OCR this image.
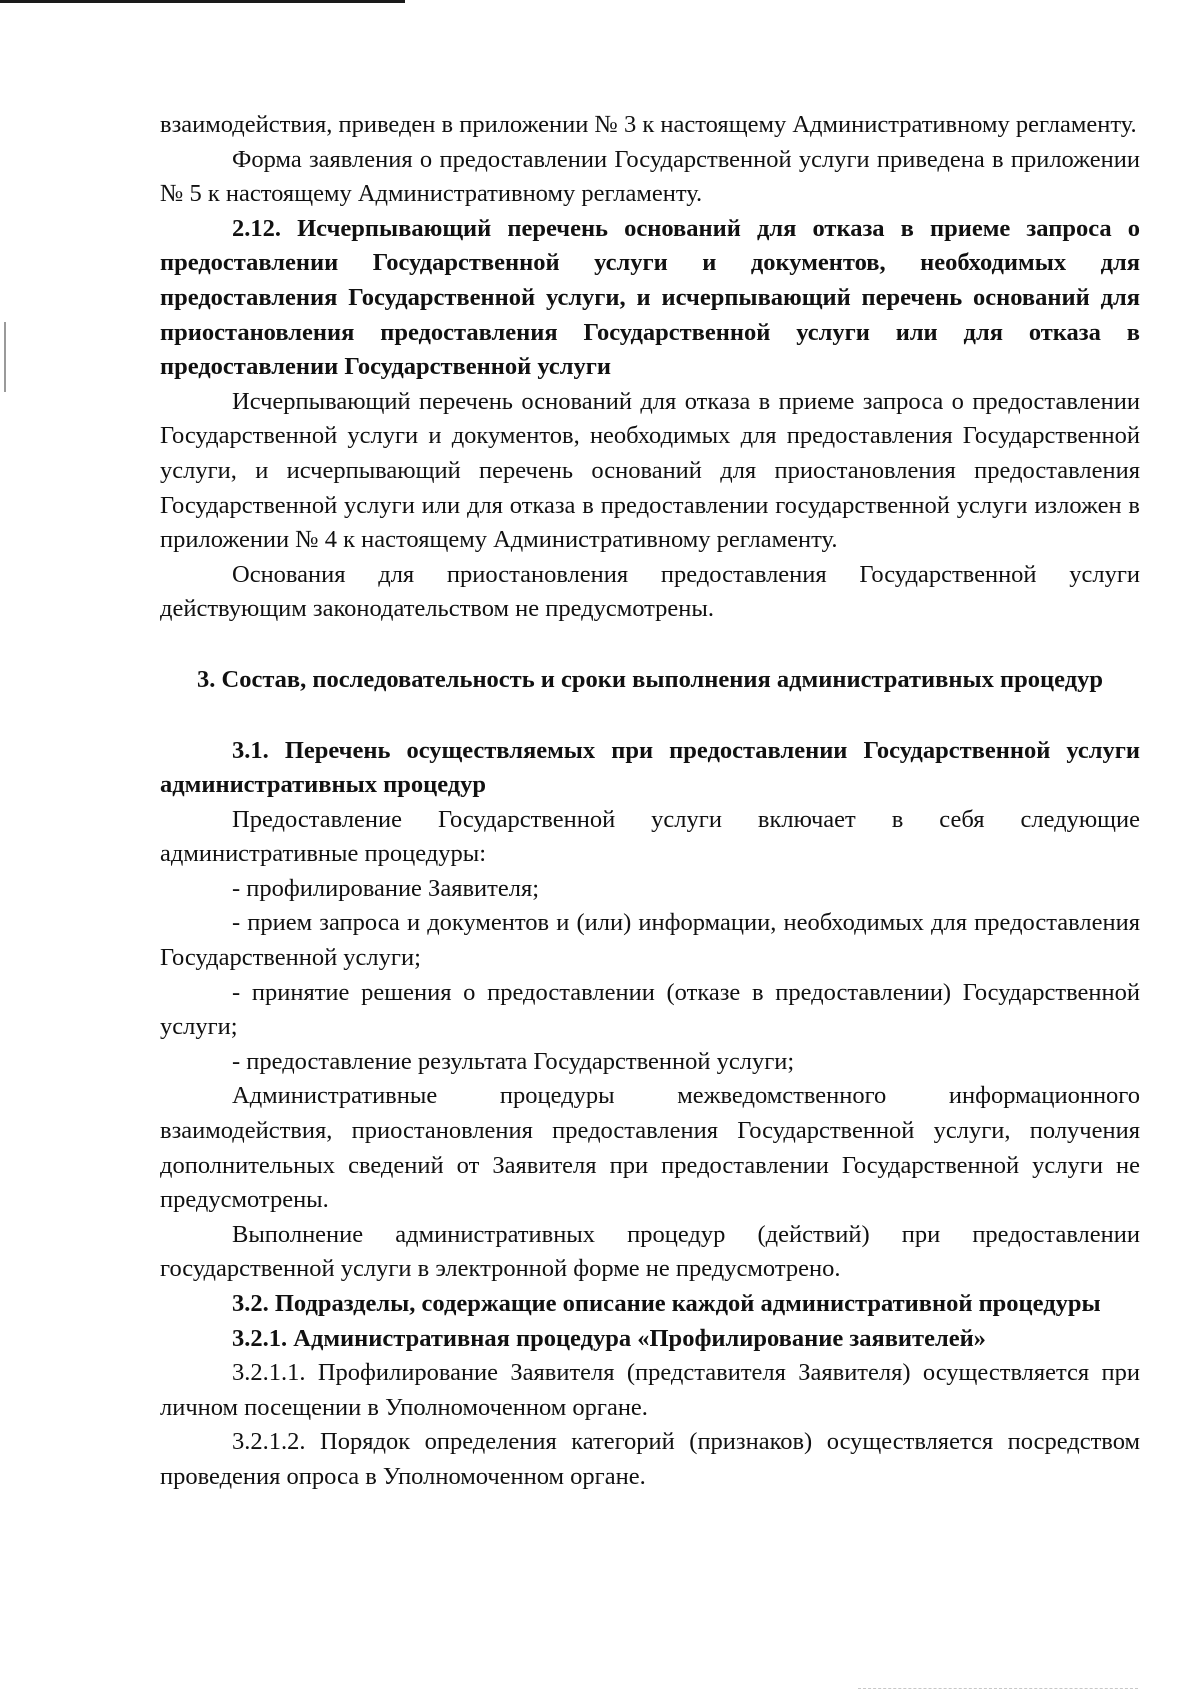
взаимодействия, приведен в приложении № 3 к настоящему Административному регламенту.

Форма заявления о предоставлении Государственной услуги приведена в приложении № 5 к настоящему Административному регламенту.

2.12. Исчерпывающий перечень оснований для отказа в приеме запроса о предоставлении Государственной услуги и документов, необходимых для предоставления Государственной услуги, и исчерпывающий перечень оснований для приостановления предоставления Государственной услуги или для отказа в предоставлении Государственной услуги

Исчерпывающий перечень оснований для отказа в приеме запроса о предоставлении Государственной услуги и документов, необходимых для предоставления Государственной услуги, и исчерпывающий перечень оснований для приостановления предоставления Государственной услуги или для отказа в предоставлении государственной услуги изложен в приложении № 4 к настоящему Административному регламенту.

Основания для приостановления предоставления Государственной услуги действующим законодательством не предусмотрены.

3. Состав, последовательность и сроки выполнения административных процедур

3.1. Перечень осуществляемых при предоставлении Государственной услуги административных процедур

Предоставление Государственной услуги включает в себя следующие административные процедуры:

- профилирование Заявителя;

- прием запроса и документов и (или) информации, необходимых для предоставления Государственной услуги;

- принятие решения о предоставлении (отказе в предоставлении) Государственной услуги;

- предоставление результата Государственной услуги;

Административные процедуры межведомственного информационного взаимодействия, приостановления предоставления Государственной услуги, получения дополнительных сведений от Заявителя при предоставлении Государственной услуги не предусмотрены.

Выполнение административных процедур (действий) при предоставлении государственной услуги в электронной форме не предусмотрено.

3.2. Подразделы, содержащие описание каждой административной процедуры

3.2.1. Административная процедура «Профилирование заявителей»

3.2.1.1. Профилирование Заявителя (представителя Заявителя) осуществляется при личном посещении в Уполномоченном органе.

3.2.1.2. Порядок определения категорий (признаков) осуществляется посредством проведения опроса в Уполномоченном органе.
